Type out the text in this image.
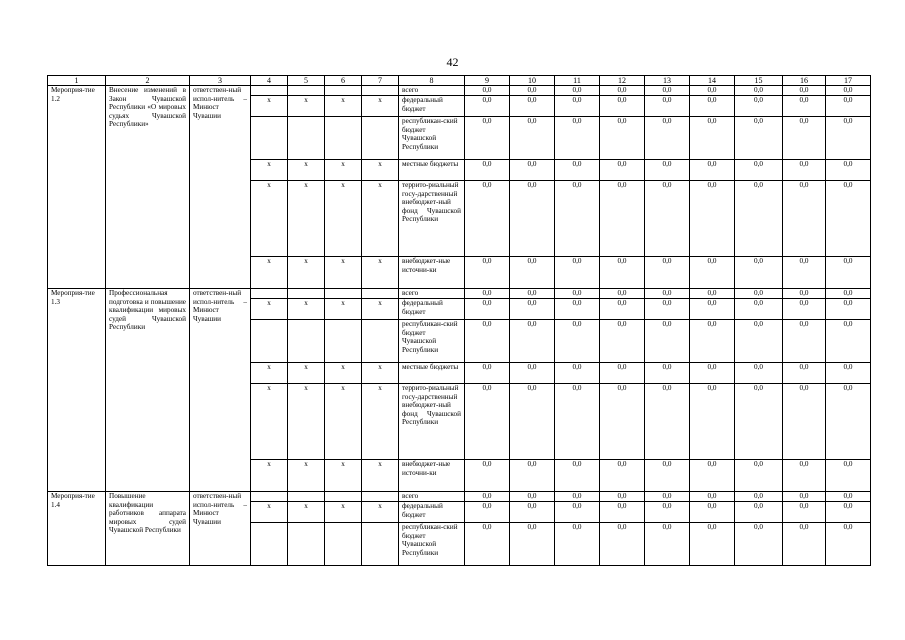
42
1	2	3	4	5	6	7	8	9	10	11	12	13	14	15	16	17
Мероприя-тие 1.2	Внесение изменений в Закон Чувашской Республики «О мировых судьях Чувашской Республики»	ответствен-ный испол-нитель – Минюст Чувашии					всего	0,0	0,0	0,0	0,0	0,0	0,0	0,0	0,0	0,0
			x	x	x	x	федеральный бюджет	0,0	0,0	0,0	0,0	0,0	0,0	0,0	0,0	0,0
							республикан-ский бюджет Чувашской Республики	0,0	0,0	0,0	0,0	0,0	0,0	0,0	0,0	0,0
			x	x	x	x	местные бюджеты	0,0	0,0	0,0	0,0	0,0	0,0	0,0	0,0	0,0
			x	x	x	x	террито-риальный госу-дарственный внебюджет-ный фонд Чувашской Республики	0,0	0,0	0,0	0,0	0,0	0,0	0,0	0,0	0,0
			x	x	x	x	внебюджет-ные источни-ки	0,0	0,0	0,0	0,0	0,0	0,0	0,0	0,0	0,0
Мероприя-тие 1.3	Профессиональная подготовка и повышение квалификации мировых судей Чувашской Республики	ответствен-ный испол-нитель – Минюст Чувашии					всего	0,0	0,0	0,0	0,0	0,0	0,0	0,0	0,0	0,0
			x	x	x	x	федеральный бюджет	0,0	0,0	0,0	0,0	0,0	0,0	0,0	0,0	0,0
							республикан-ский бюджет Чувашской Республики	0,0	0,0	0,0	0,0	0,0	0,0	0,0	0,0	0,0
			x	x	x	x	местные бюджеты	0,0	0,0	0,0	0,0	0,0	0,0	0,0	0,0	0,0
			x	x	x	x	террито-риальный госу-дарственный внебюджет-ный фонд Чувашской Республики	0,0	0,0	0,0	0,0	0,0	0,0	0,0	0,0	0,0
			x	x	x	x	внебюджет-ные источни-ки	0,0	0,0	0,0	0,0	0,0	0,0	0,0	0,0	0,0
Мероприя-тие 1.4	Повышение квалификации работников аппарата мировых судей Чувашской Республики	ответствен-ный испол-нитель – Минюст Чувашии					всего	0,0	0,0	0,0	0,0	0,0	0,0	0,0	0,0	0,0
			x	x	x	x	федеральный бюджет	0,0	0,0	0,0	0,0	0,0	0,0	0,0	0,0	0,0
							республикан-ский бюджет Чувашской Республики	0,0	0,0	0,0	0,0	0,0	0,0	0,0	0,0	0,0
